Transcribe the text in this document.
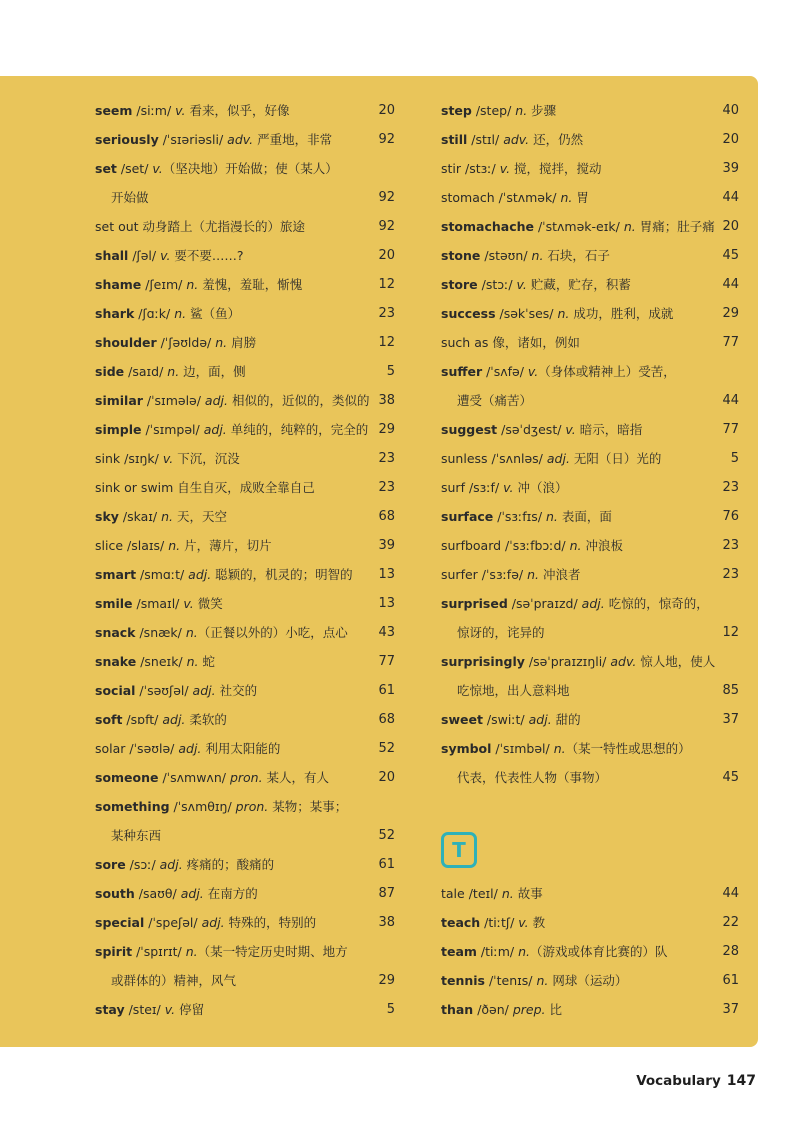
seem /siːm/ v. 看来，似乎，好像	20
seriously /ˈsɪəriəsli/ adv. 严重地，非常	92
set /set/ v.（坚决地）开始做；使（某人）
开始做	92
set out 动身踏上（尤指漫长的）旅途	92
shall /ʃəl/ v. 要不要……?	20
shame /ʃeɪm/ n. 羞愧，羞耻，惭愧	12
shark /ʃɑːk/ n. 鲨（鱼）	23
shoulder /ˈʃəʊldə/ n. 肩膀	12
side /saɪd/ n. 边，面，侧	5
similar /ˈsɪmələ/ adj. 相似的，近似的，类似的 38
simple /ˈsɪmpəl/ adj. 单纯的，纯粹的，完全的 29
sink /sɪŋk/ v. 下沉，沉没	23
sink or swim 自生自灭，成败全靠自己	23
sky /skaɪ/ n. 天，天空	68
slice /slaɪs/ n. 片，薄片，切片	39
smart /smɑːt/ adj. 聪颖的，机灵的；明智的 13
smile /smaɪl/ v. 微笑	13
snack /snæk/ n.（正餐以外的）小吃，点心 43
snake /sneɪk/ n. 蛇	77
social /ˈsəʊʃəl/ adj. 社交的	61
soft /sɒft/ adj. 柔软的	68
solar /ˈsəʊlə/ adj. 利用太阳能的	52
someone /ˈsʌmwʌn/ pron. 某人，有人	20
something /ˈsʌmθɪŋ/ pron. 某物；某事；
某种东西	52
sore /sɔː/ adj. 疼痛的；酸痛的	61
south /saʊθ/ adj. 在南方的	87
special /ˈspeʃəl/ adj. 特殊的，特别的	38
spirit /ˈspɪrɪt/ n.（某一特定历史时期、地方
或群体的）精神，风气	29
stay /steɪ/ v. 停留	5
step /step/ n. 步骤	40
still /stɪl/ adv. 还，仍然	20
stir /stɜː/ v. 搅，搅拌，搅动	39
stomach /ˈstʌmək/ n. 胃	44
stomachache /ˈstʌmək-eɪk/ n. 胃痛；肚子痛 20
stone /stəʊn/ n. 石块，石子	45
store /stɔː/ v. 贮藏，贮存，积蓄	44
success /səkˈses/ n. 成功，胜利，成就	29
such as 像，诸如，例如	77
suffer /ˈsʌfə/ v.（身体或精神上）受苦，
遭受（痛苦）	44
suggest /səˈdʒest/ v. 暗示，暗指	77
sunless /ˈsʌnləs/ adj. 无阳（日）光的	5
surf /sɜːf/ v. 冲（浪）	23
surface /ˈsɜːfɪs/ n. 表面，面	76
surfboard /ˈsɜːfbɔːd/ n. 冲浪板	23
surfer /ˈsɜːfə/ n. 冲浪者	23
surprised /səˈpraɪzd/ adj. 吃惊的，惊奇的，
惊讶的，诧异的	12
surprisingly /səˈpraɪzɪŋli/ adv. 惊人地，使人
吃惊地，出人意料地	85
sweet /swiːt/ adj. 甜的	37
symbol /ˈsɪmbəl/ n.（某一特性或思想的）
代表，代表性人物（事物）	45
T
tale /teɪl/ n. 故事	44
teach /tiːtʃ/ v. 教	22
team /tiːm/ n.（游戏或体育比赛的）队	28
tennis /ˈtenɪs/ n. 网球（运动）	61
than /ðən/ prep. 比	37
Vocabulary 147
